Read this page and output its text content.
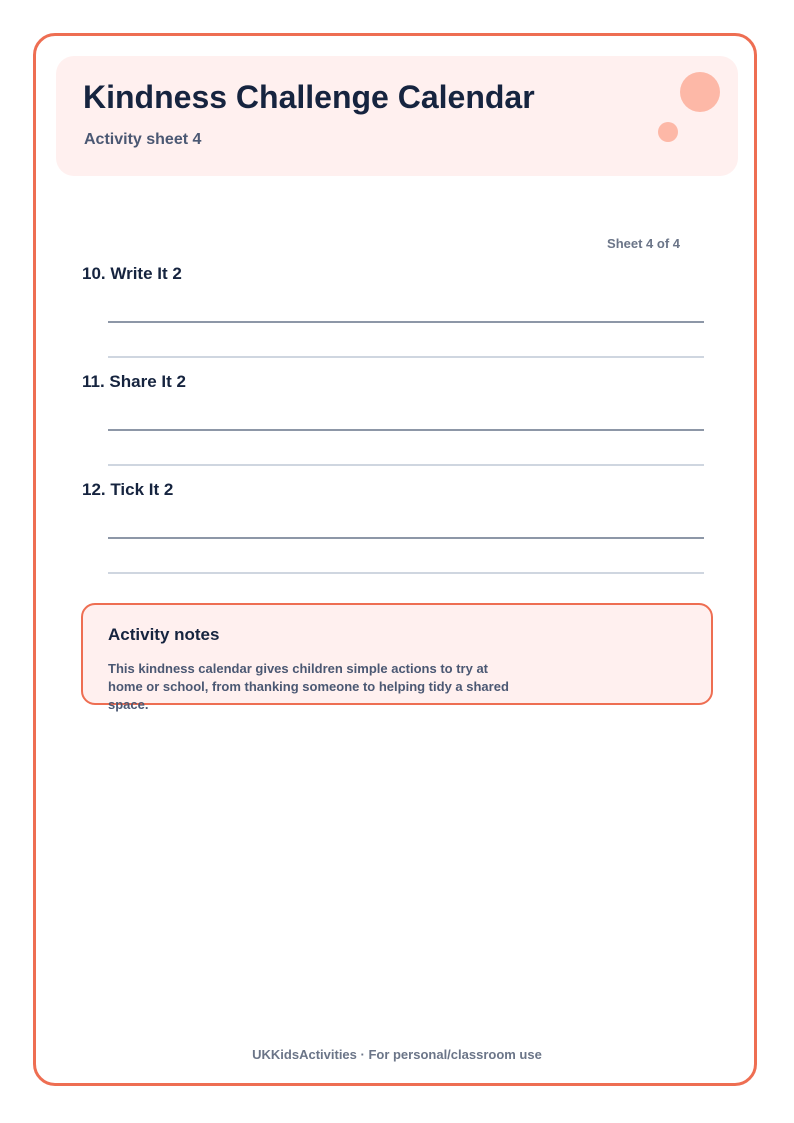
Kindness Challenge Calendar
Activity sheet 4
Sheet 4 of 4
10. Write It 2
11. Share It 2
12. Tick It 2
Activity notes

This kindness calendar gives children simple actions to try at home or school, from thanking someone to helping tidy a shared space.

UKKidsActivities · For personal/classroom use
